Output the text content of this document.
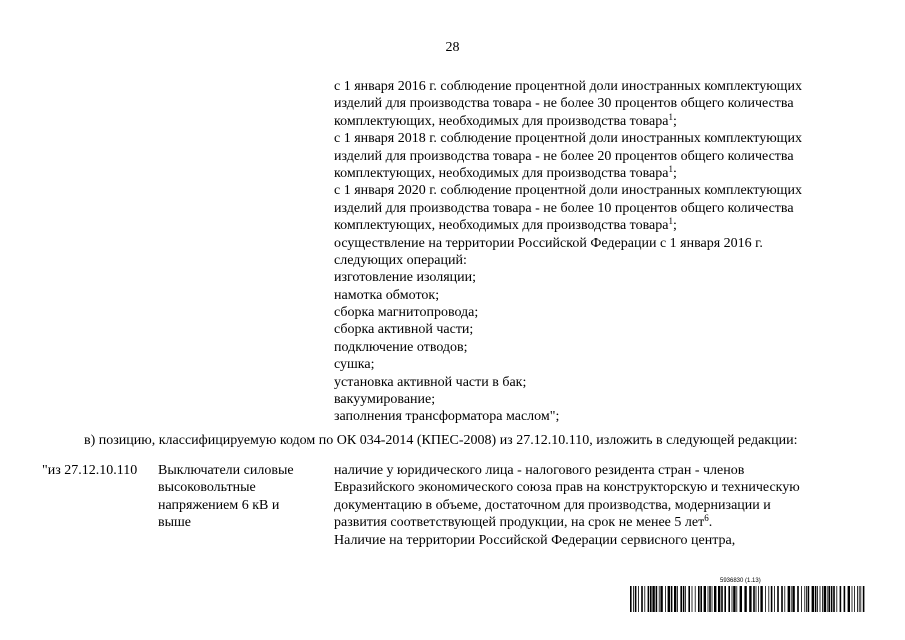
28
с 1 января 2016 г. соблюдение процентной доли иностранных комплектующих
изделий для производства товара - не более 30 процентов общего количества
комплектующих, необходимых для производства товара$^1$;
с 1 января 2018 г. соблюдение процентной доли иностранных комплектующих
изделий для производства товара - не более 20 процентов общего количества
комплектующих, необходимых для производства товара$^1$;
с 1 января 2020 г. соблюдение процентной доли иностранных комплектующих
изделий для производства товара - не более 10 процентов общего количества
комплектующих, необходимых для производства товара$^1$;
осуществление на территории Российской Федерации с 1 января 2016 г.
следующих операций:
изготовление изоляции;
намотка обмоток;
сборка магнитопровода;
сборка активной части;
подключение отводов;
сушка;
установка активной части в бак;
вакуумирование;
заполнения трансформатора маслом";
в) позицию, классифицируемую кодом по ОК 034-2014 (КПЕС-2008) из 27.12.10.110, изложить в следующей редакции:
"из 27.12.10.110 Выключатели силовые
высоковольтные
напряжением 6 кВ и
выше
наличие у юридического лица - налогового резидента стран - членов
Евразийского экономического союза прав на конструкторскую и техническую
документацию в объеме, достаточном для производства, модернизации и
развития соответствующей продукции, на срок не менее 5 лет$^6$.
Наличие на территории Российской Федерации сервисного центра,
5936830 (1.13)
